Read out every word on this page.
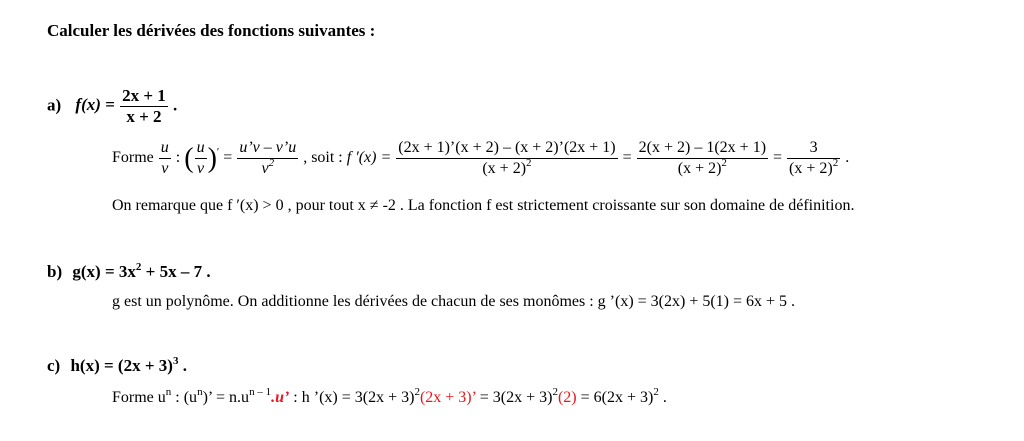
Calculer les dérivées des fonctions suivantes :
a) $f(x) = \frac{2x + 1}{x + 2}$ .
Forme $\frac{u}{v}$ : ( $\frac{u}{v} )' = \frac{u’v - v’u}{v^2}$ , soit : f $'(x) = \frac{(2x + 1)’(x + 2) - (x + 2)’(2x + 1)}{(x + 2)^2} = \frac{2(x + 2) - 1(2x + 1)}{(x + 2)^2} = \frac{3}{(x + 2)^2}$ .
On remarque que f ′(x) > 0 , pour tout x ≠ -2 . La fonction f est strictement croissante sur son domaine de définition.
b) $g(x) = 3x^2 + 5x - 7$ .
g est un polynôme. On additionne les dérivées de chacun de ses monômes : g ’(x) = 3(2x) + 5(1) = 6x + 5 .
c) $h(x) = (2x + 3)^3$ .
Forme $u^n$ : $(u^n)$’ = $n.u^{n - 1}.u$’ : h ’(x) = $3(2x + 3)^2(2x + 3)$’ = $3(2x + 3)^2(2) = 6(2x + 3)^2$ .
